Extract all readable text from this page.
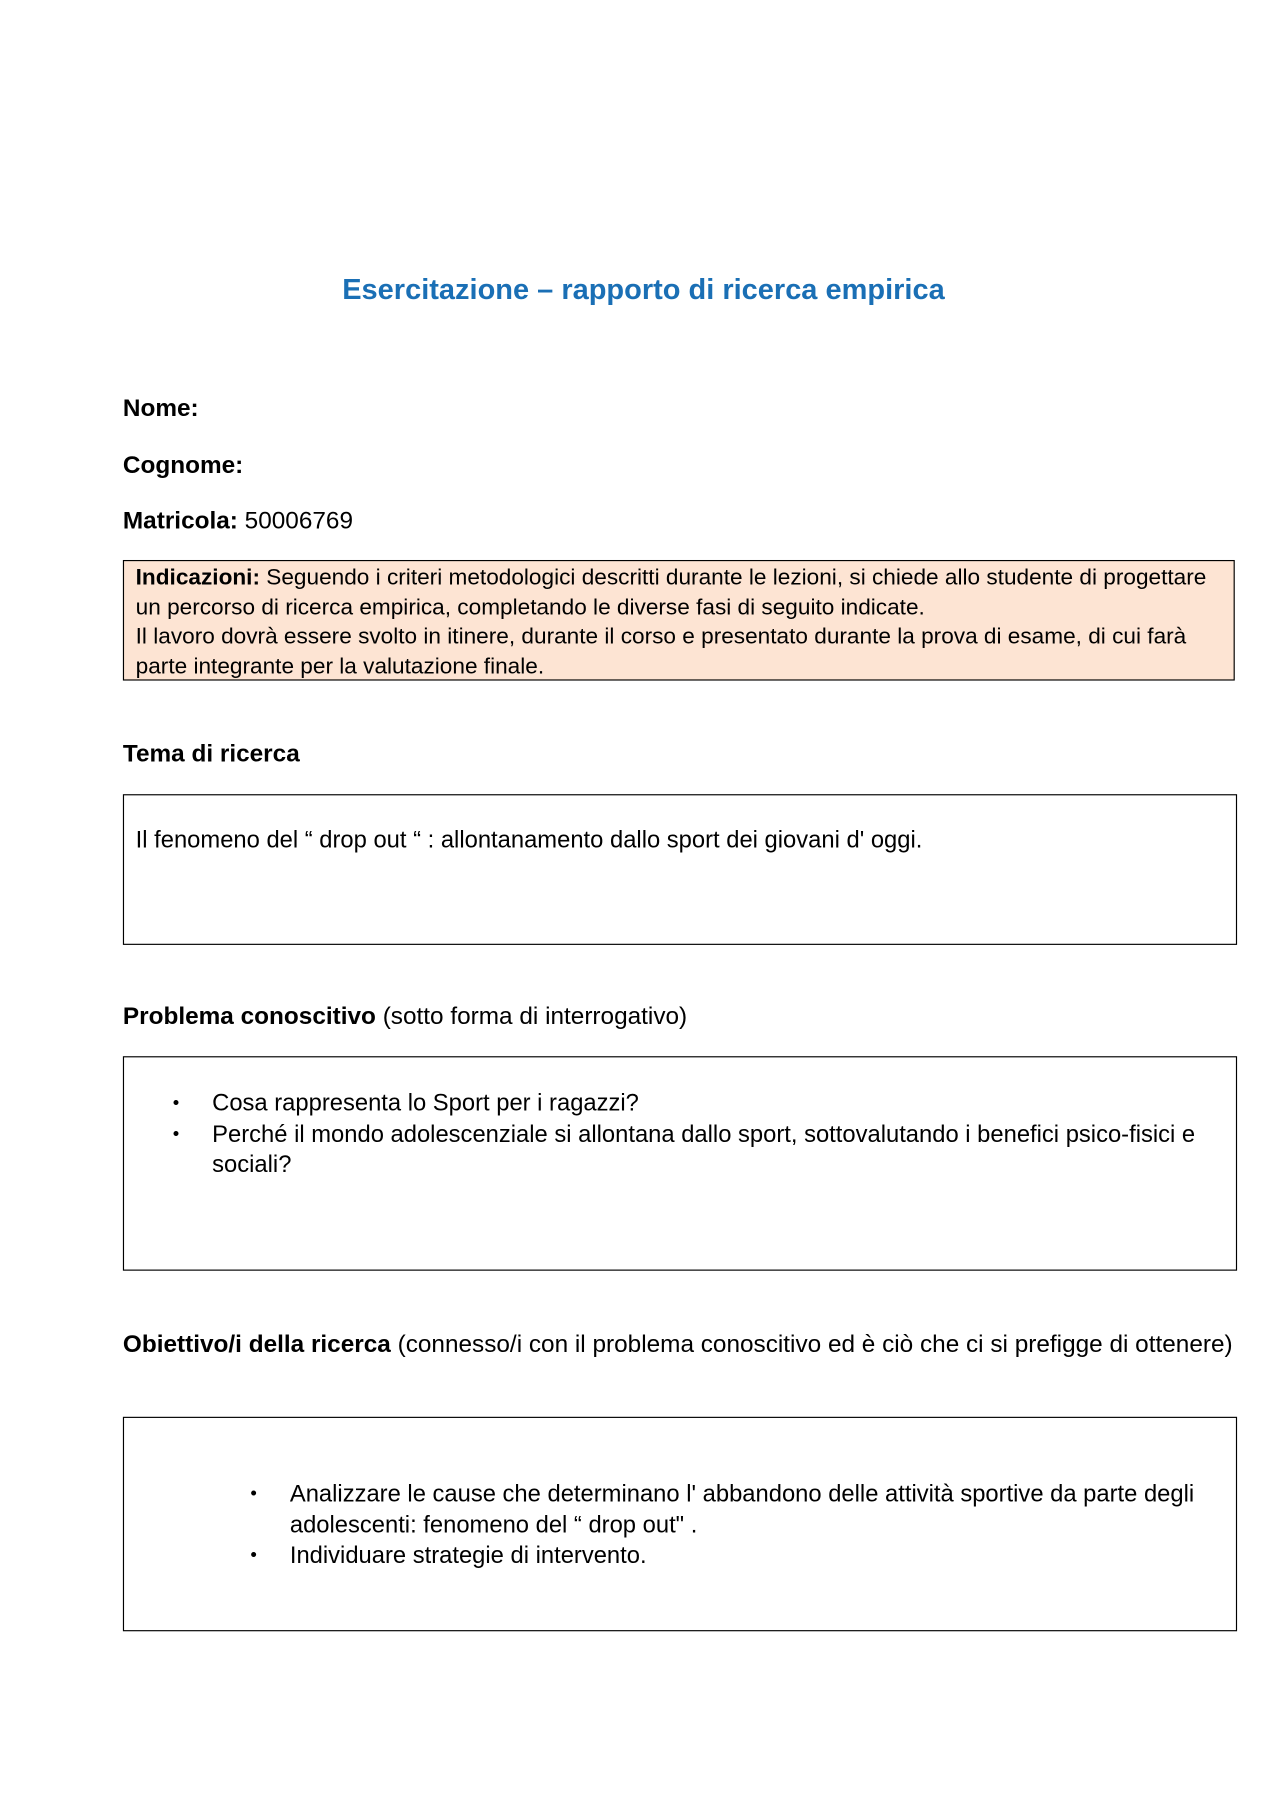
Esercitazione – rapporto di ricerca empirica
Nome:
Cognome:
Matricola: 50006769

Indicazioni: Seguendo i criteri metodologici descritti durante le lezioni, si chiede allo studente di progettare un percorso di ricerca empirica, completando le diverse fasi di seguito indicate.

Il lavoro dovrà essere svolto in itinere, durante il corso e presentato durante la prova di esame, di cui farà parte integrante per la valutazione finale.

Tema di ricerca
Il fenomeno del “ drop out “ : allontanamento dallo sport dei giovani d' oggi.
Problema conoscitivo (sotto forma di interrogativo)
• Cosa rappresenta lo Sport per i ragazzi?
• Perché il mondo adolescenziale si allontana dallo sport, sottovalutando i benefici psico-fisici e sociali?
Obiettivo/i della ricerca (connesso/i con il problema conoscitivo ed è ciò che ci si prefigge di ottenere)
• Analizzare le cause che determinano l' abbandono delle attività sportive da parte degli adolescenti: fenomeno del “ drop out" .
• Individuare strategie di intervento.
